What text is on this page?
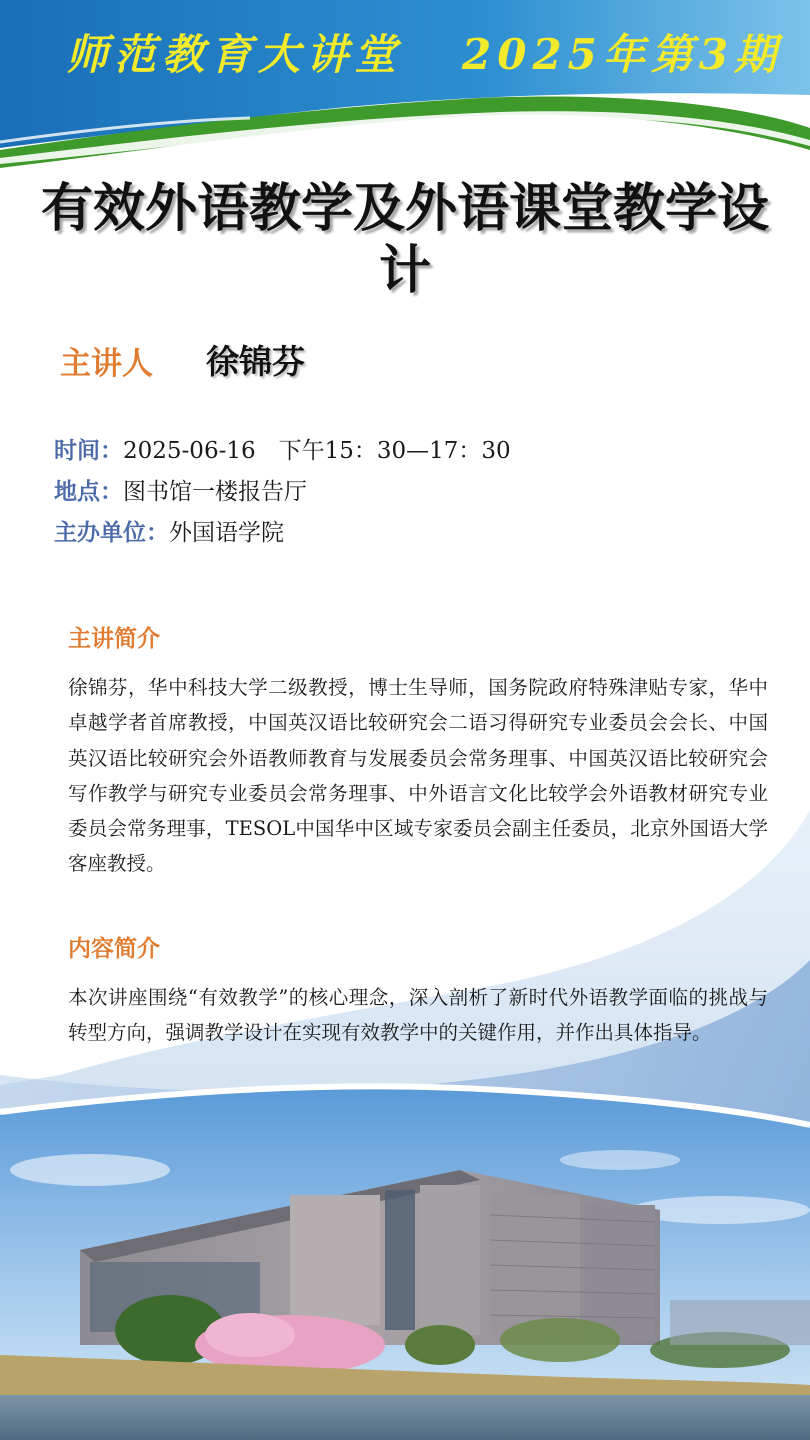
师范教育大讲堂 2025年第3期
有效外语教学及外语课堂教学设计
主讲人 徐锦芬
时间：2025-06-16　下午15：30—17：30
地点：图书馆一楼报告厅
主办单位：外国语学院
主讲简介
徐锦芬，华中科技大学二级教授，博士生导师，国务院政府特殊津贴专家，华中卓越学者首席教授，中国英汉语比较研究会二语习得研究专业委员会会长、中国英汉语比较研究会外语教师教育与发展委员会常务理事、中国英汉语比较研究会写作教学与研究专业委员会常务理事、中外语言文化比较学会外语教材研究专业委员会常务理事，TESOL中国华中区域专家委员会副主任委员，北京外国语大学客座教授。
内容简介
本次讲座围绕“有效教学”的核心理念，深入剖析了新时代外语教学面临的挑战与转型方向，强调教学设计在实现有效教学中的关键作用，并作出具体指导。
